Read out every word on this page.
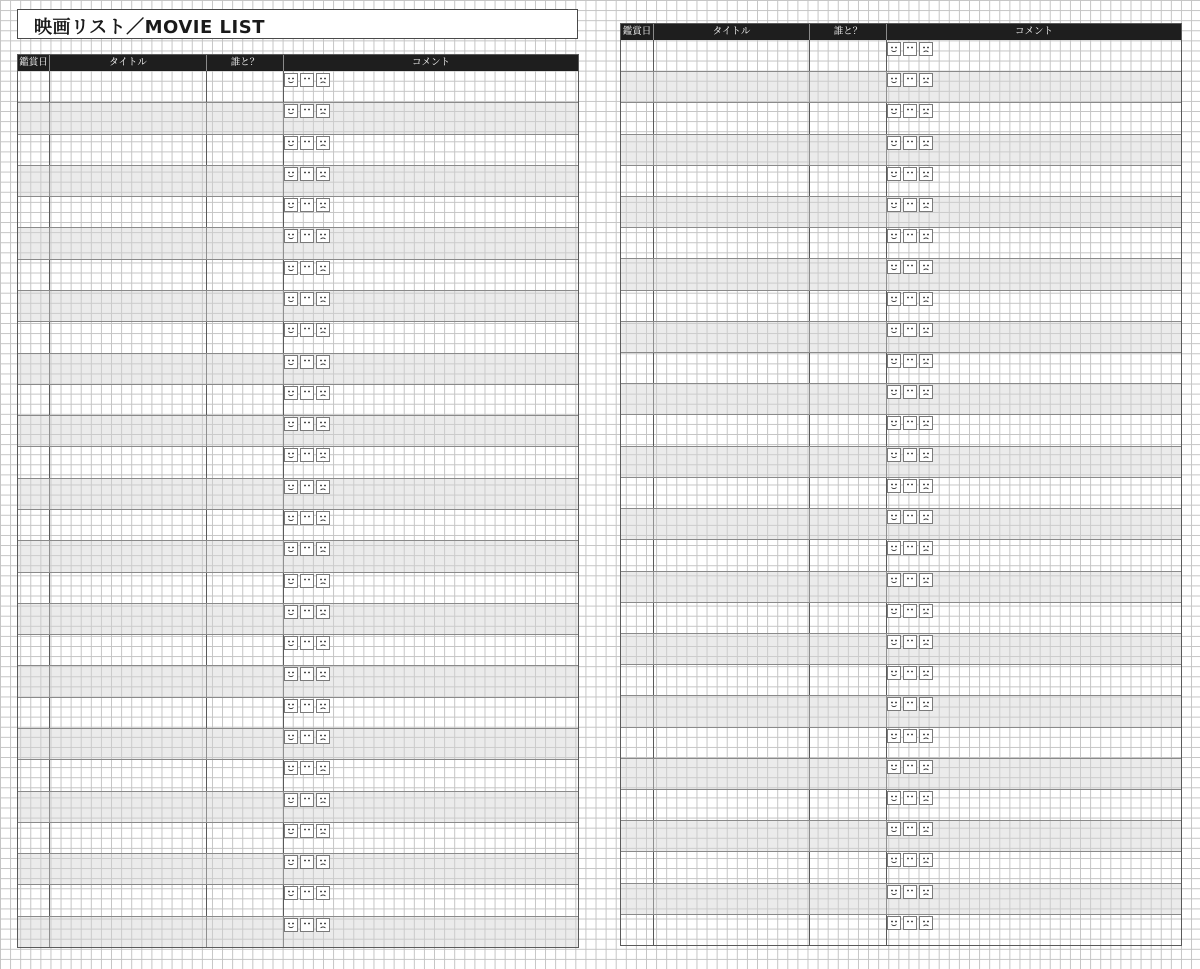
映画リスト／MOVIE LIST
鑑賞日	タイトル	誰と？	コメント
鑑賞日	タイトル	誰と？	コメント
